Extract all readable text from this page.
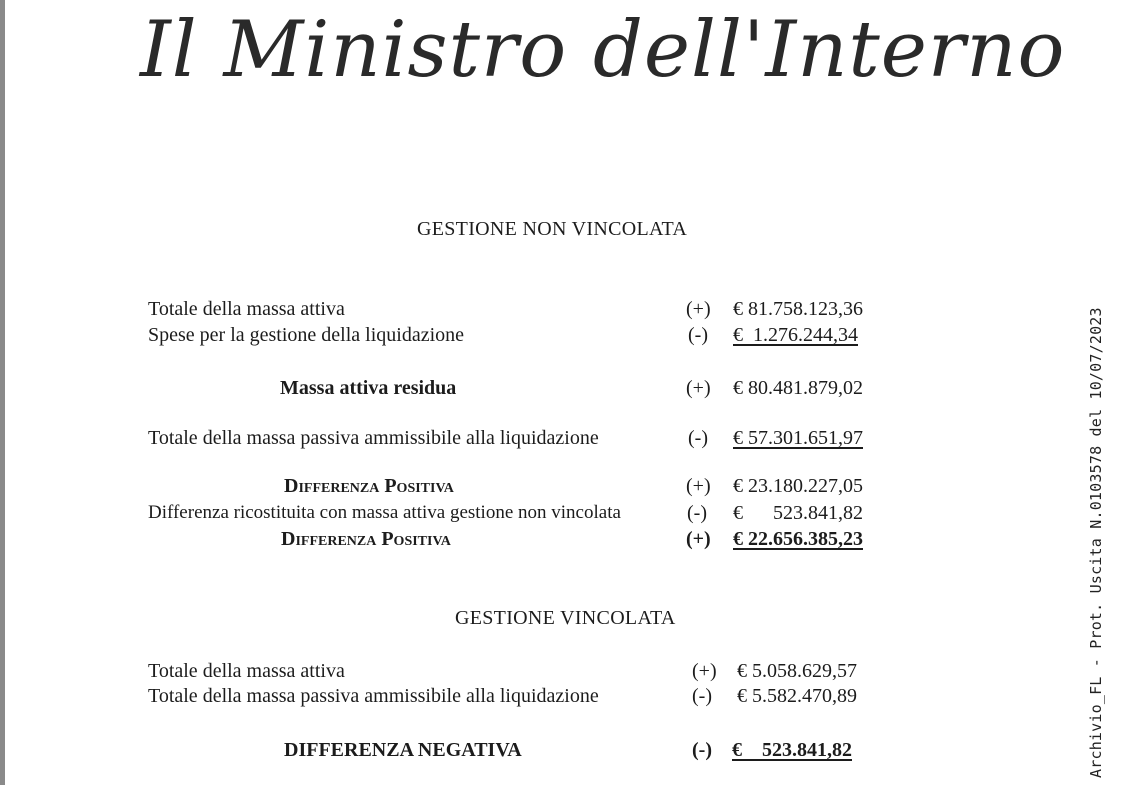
Il Ministro dell'Interno
GESTIONE NON VINCOLATA
Totale della massa attiva	(+) € 81.758.123,36
Spese per la gestione della liquidazione	(-) €  1.276.244,34
Massa attiva residua	(+) € 80.481.879,02
Totale della massa passiva ammissibile alla liquidazione	(-) € 57.301.651,97
Differenza Positiva	(+) € 23.180.227,05
Differenza ricostituita con massa attiva gestione non vincolata	(-) €      523.841,82
Differenza Positiva	(+) € 22.656.385,23
GESTIONE VINCOLATA
Totale della massa attiva	(+) € 5.058.629,57
Totale della massa passiva ammissibile alla liquidazione	(-) € 5.582.470,89
DIFFERENZA NEGATIVA	(-) €    523.841,82	Archivio_FL - Prot. Uscita N.0103578 del 10/07/2023
